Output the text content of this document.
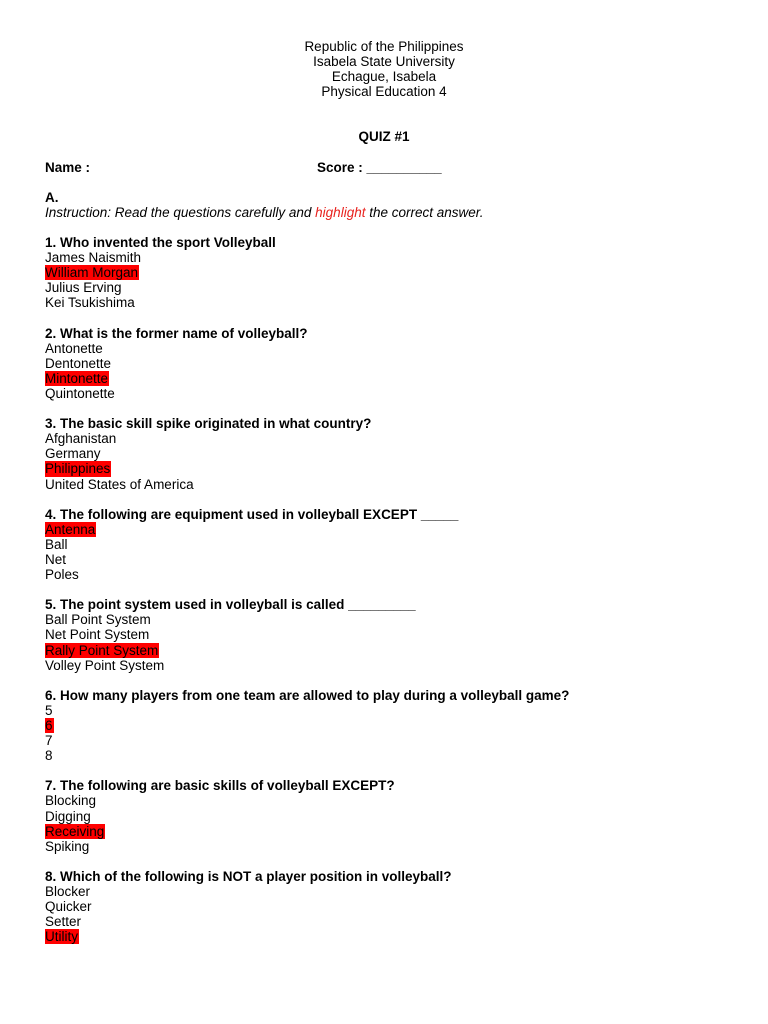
Republic of the Philippines
Isabela State University
Echague, Isabela
Physical Education 4
QUIZ #1
Name :	Score : __________
A.
Instruction: Read the questions carefully and highlight the correct answer.
1. Who invented the sport Volleyball
James Naismith
William Morgan
Julius Erving
Kei Tsukishima
2. What is the former name of volleyball?
Antonette
Dentonette
Mintonette
Quintonette
3. The basic skill spike originated in what country?
Afghanistan
Germany
Philippines
United States of America
4. The following are equipment used in volleyball EXCEPT _____
Antenna
Ball
Net
Poles
5. The point system used in volleyball is called _________
Ball Point System
Net Point System
Rally Point System
Volley Point System
6. How many players from one team are allowed to play during a volleyball game?
5
6
7
8
7. The following are basic skills of volleyball EXCEPT?
Blocking
Digging
Receiving
Spiking
8. Which of the following is NOT a player position in volleyball?
Blocker
Quicker
Setter
Utility
